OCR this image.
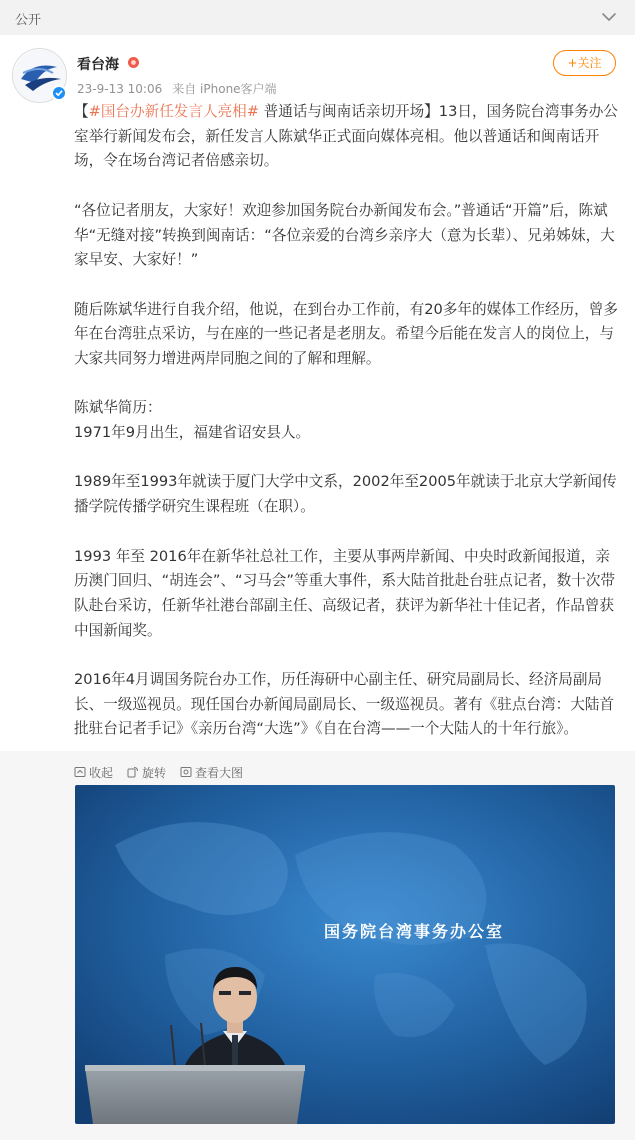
公开
看台海
23-9-13 10:06 来自 iPhone客户端
+关注

【#国台办新任发言人亮相# 普通话与闽南话亲切开场】13日，国务院台湾事务办公室举行新闻发布会，新任发言人陈斌华正式面向媒体亮相。他以普通话和闽南话开场，令在场台湾记者倍感亲切。

“各位记者朋友，大家好！欢迎参加国务院台办新闻发布会。”普通话“开篇”后，陈斌华“无缝对接”转换到闽南话：“各位亲爱的台湾乡亲序大（意为长辈）、兄弟姊妹，大家早安、大家好！”

随后陈斌华进行自我介绍，他说，在到台办工作前，有20多年的媒体工作经历，曾多年在台湾驻点采访，与在座的一些记者是老朋友。希望今后能在发言人的岗位上，与大家共同努力增进两岸同胞之间的了解和理解。

陈斌华简历：

1971年9月出生，福建省诏安县人。

1989年至1993年就读于厦门大学中文系，2002年至2005年就读于北京大学新闻传播学院传播学研究生课程班（在职）。

1993 年至 2016年在新华社总社工作，主要从事两岸新闻、中央时政新闻报道，亲历澳门回归、“胡连会”、“习马会”等重大事件，系大陆首批赴台驻点记者，数十次带队赴台采访，任新华社港台部副主任、高级记者，获评为新华社十佳记者，作品曾获中国新闻奖。

2016年4月调国务院台办工作，历任海研中心副主任、研究局副局长、经济局副局长、一级巡视员。现任国台办新闻局副局长、一级巡视员。著有《驻点台湾：大陆首批驻台记者手记》《亲历台湾“大选”》《自在台湾——一个大陆人的十年行旅》。

收起 旋转 查看大图
国务院台湾事务办公室
